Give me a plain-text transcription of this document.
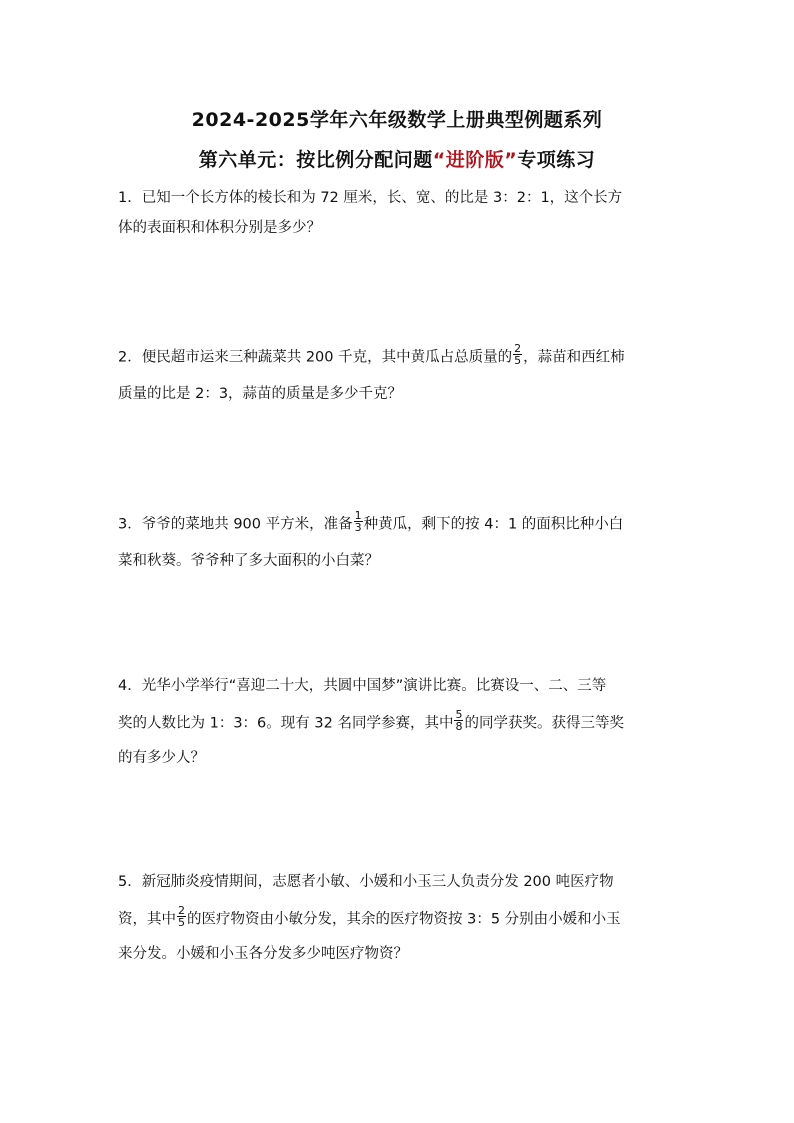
2024-2025学年六年级数学上册典型例题系列
第六单元：按比例分配问题“进阶版”专项练习
1．已知一个长方体的棱长和为 72 厘米，长、宽、的比是 3：2：1，这个长方
体的表面积和体积分别是多少？
2．便民超市运来三种蔬菜共 200 千克，其中黄瓜占总质量的 $\frac{2}{5}$ ，蒜苗和西红柿
质量的比是 2：3，蒜苗的质量是多少千克？
3．爷爷的菜地共 900 平方米，准备 $\frac{1}{3}$ 种黄瓜，剩下的按 4：1 的面积比种小白
菜和秋葵。爷爷种了多大面积的小白菜？
4．光华小学举行“喜迎二十大，共圆中国梦”演讲比赛。比赛设一、二、三等
奖的人数比为 1：3：6。现有 32 名同学参赛，其中 $\frac{5}{8}$ 的同学获奖。获得三等奖
的有多少人？
5．新冠肺炎疫情期间，志愿者小敏、小媛和小玉三人负责分发 200 吨医疗物
资，其中 $\frac{2}{5}$ 的医疗物资由小敏分发，其余的医疗物资按 3：5 分别由小媛和小玉
来分发。小媛和小玉各分发多少吨医疗物资？
